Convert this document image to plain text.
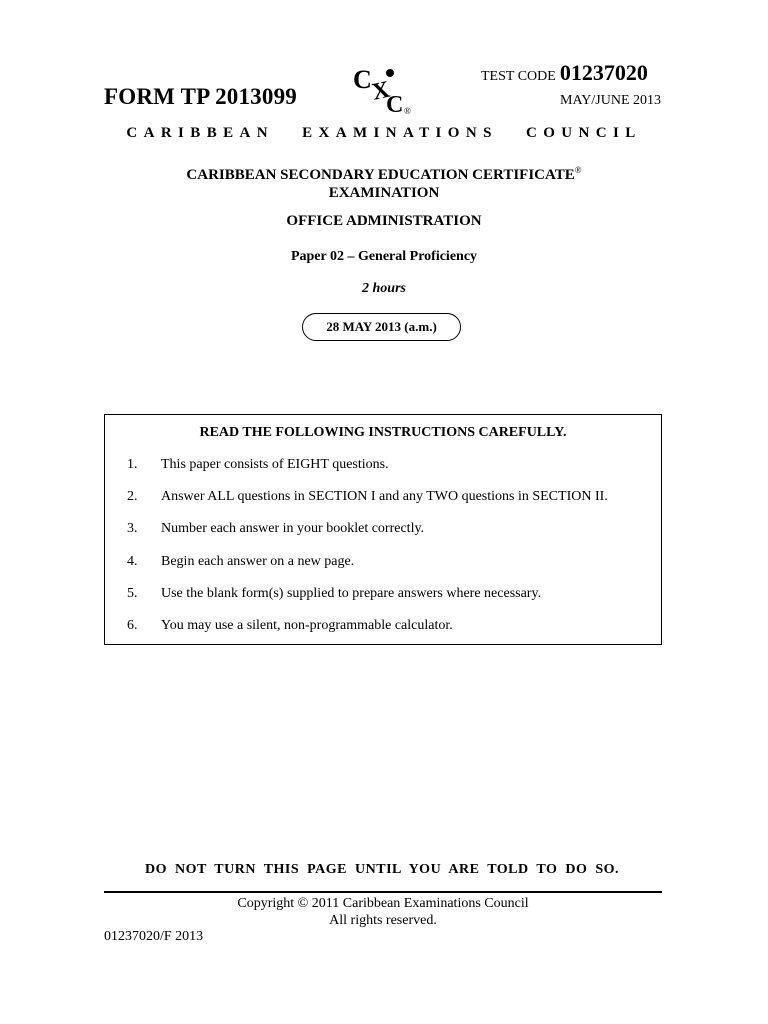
FORM TP 2013099
C
X
C ®
TEST CODE 01237020
MAY/JUNE 2013
CARIBBEAN EXAMINATIONS COUNCIL
CARIBBEAN SECONDARY EDUCATION CERTIFICATE®
EXAMINATION
OFFICE ADMINISTRATION
Paper 02 – General Proficiency
2 hours
28 MAY 2013 (a.m.)
READ THE FOLLOWING INSTRUCTIONS CAREFULLY.
1. This paper consists of EIGHT questions.
2. Answer ALL questions in SECTION I and any TWO questions in SECTION II.
3. Number each answer in your booklet correctly.
4. Begin each answer on a new page.
5. Use the blank form(s) supplied to prepare answers where necessary.
6. You may use a silent, non-programmable calculator.
DO NOT TURN THIS PAGE UNTIL YOU ARE TOLD TO DO SO.
Copyright © 2011 Caribbean Examinations Council
All rights reserved.
01237020/F 2013
